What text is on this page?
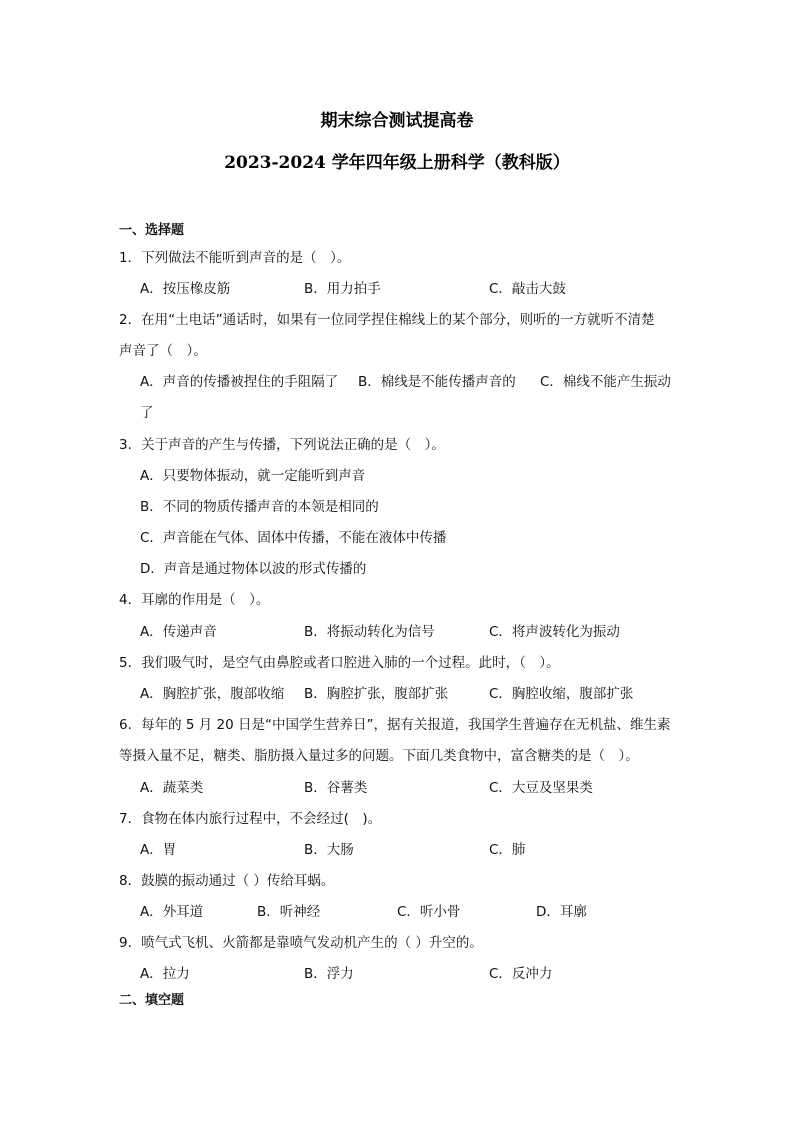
期末综合测试提高卷
2023-2024 学年四年级上册科学（教科版）
一、选择题
1．下列做法不能听到声音的是（　）。
A．按压橡皮筋	B．用力拍手	C．敲击大鼓
2．在用“土电话”通话时，如果有一位同学捏住棉线上的某个部分，则听的一方就听不清楚
声音了（　）。
A．声音的传播被捏住的手阻隔了 B．棉线是不能传播声音的 C．棉线不能产生振动
了
3．关于声音的产生与传播，下列说法正确的是（　）。
A．只要物体振动，就一定能听到声音
B．不同的物质传播声音的本领是相同的
C．声音能在气体、固体中传播，不能在液体中传播
D．声音是通过物体以波的形式传播的
4．耳廓的作用是（　）。
A．传递声音	B．将振动转化为信号	C．将声波转化为振动
5．我们吸气时，是空气由鼻腔或者口腔进入肺的一个过程。此时，（　）。
A．胸腔扩张，腹部收缩 B．胸腔扩张，腹部扩张	C．胸腔收缩，腹部扩张
6．每年的 5 月 20 日是“中国学生营养日”，据有关报道，我国学生普遍存在无机盐、维生素
等摄入量不足，糖类、脂肪摄入量过多的问题。下面几类食物中，富含糖类的是（　）。
A．蔬菜类	B．谷薯类	C．大豆及坚果类
7．食物在体内旅行过程中，不会经过(　)。
A．胃	B．大肠	C．肺
8．鼓膜的振动通过（ ）传给耳蜗。
A．外耳道	B．听神经	C．听小骨	D．耳廓
9．喷气式飞机、火箭都是靠喷气发动机产生的（ ）升空的。
A．拉力	B．浮力	C．反冲力
二、填空题
